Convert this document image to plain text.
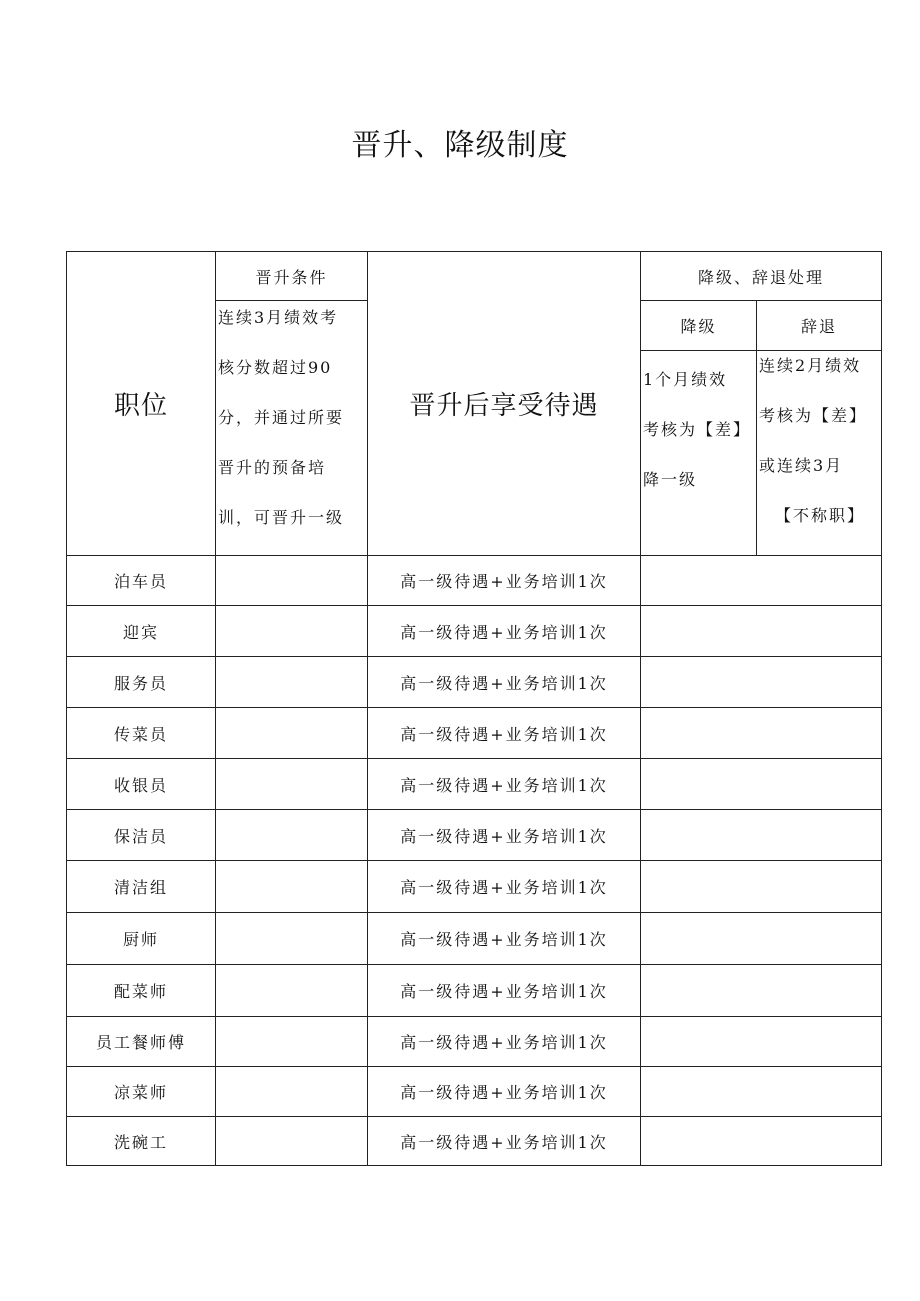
晋升、降级制度
职位	晋升条件	晋升后享受待遇	降级、辞退处理	

	连续3月绩效考
核分数超过90
分，并通过所要
晋升的预备培
训，可晋升一级		降级	辞退

			1个月绩效
考核为【差】
降一级	连续2月绩效
考核为【差】
或连续3月
【不称职】

泊车员		高一级待遇+业务培训1次		
迎宾		高一级待遇+业务培训1次		
服务员		高一级待遇+业务培训1次		
传菜员		高一级待遇+业务培训1次		
收银员		高一级待遇+业务培训1次		
保洁员		高一级待遇+业务培训1次		
清洁组		高一级待遇+业务培训1次		
厨师		高一级待遇+业务培训1次		
配菜师		高一级待遇+业务培训1次		
员工餐师傅		高一级待遇+业务培训1次		
凉菜师		高一级待遇+业务培训1次		
洗碗工		高一级待遇+业务培训1次		
